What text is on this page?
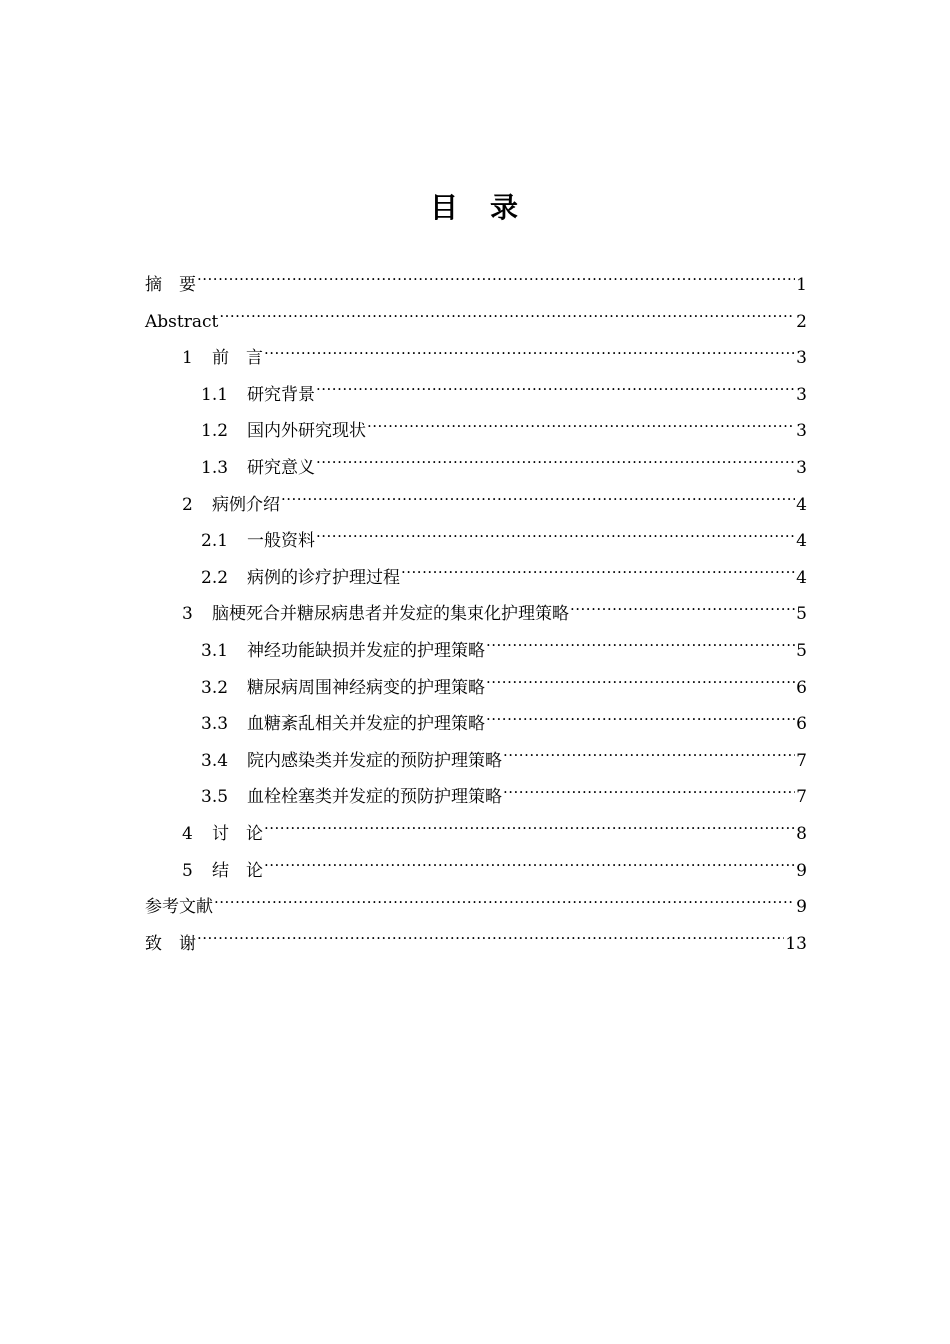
目　录
摘　要 .....	1
Abstract .....	2
1	前　言 .....	3
1.1	研究背景 .....	3
1.2	国内外研究现状 .....	3
1.3	研究意义 .....	3
2	病例介绍 .....	4
2.1	一般资料 .....	4
2.2	病例的诊疗护理过程 .....	4
3	脑梗死合并糖尿病患者并发症的集束化护理策略 .....	5
3.1	神经功能缺损并发症的护理策略 .....	5
3.2	糖尿病周围神经病变的护理策略 .....	6
3.3	血糖紊乱相关并发症的护理策略 .....	6
3.4	院内感染类并发症的预防护理策略 .....	7
3.5	血栓栓塞类并发症的预防护理策略 .....	7
4	讨　论 .....	8
5	结　论 .....	9
参考文献 .....	9
致　谢 .....	13
